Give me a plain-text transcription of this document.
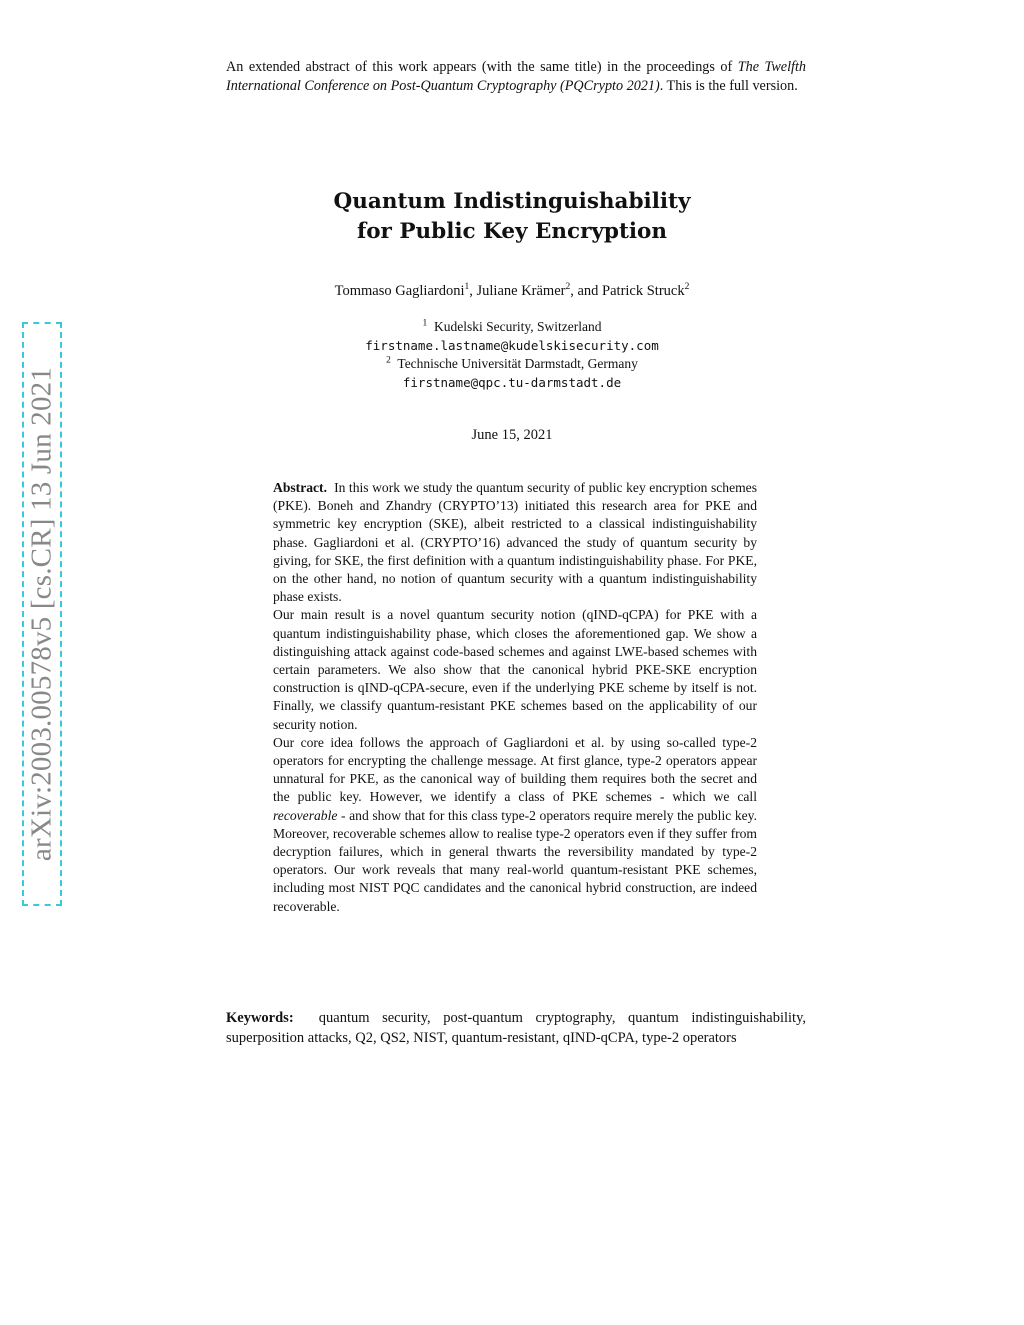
An extended abstract of this work appears (with the same title) in the proceedings of The Twelfth International Conference on Post-Quantum Cryptography (PQCrypto 2021). This is the full version.
Quantum Indistinguishability
for Public Key Encryption
Tommaso Gagliardoni$^1$, Juliane Krämer$^2$, and Patrick Struck$^2$
$^1$ Kudelski Security, Switzerland
firstname.lastname@kudelskisecurity.com
$^2$ Technische Universität Darmstadt, Germany
firstname@qpc.tu-darmstadt.de
June 15, 2021

Abstract. In this work we study the quantum security of public key encryption schemes (PKE). Boneh and Zhandry (CRYPTO’13) initiated this research area for PKE and symmetric key encryption (SKE), albeit restricted to a classical indistinguishability phase. Gagliardoni et al. (CRYPTO’16) advanced the study of quantum security by giving, for SKE, the first definition with a quantum indistinguishability phase. For PKE, on the other hand, no notion of quantum security with a quantum indistinguishability phase exists.

Our main result is a novel quantum security notion (qIND-qCPA) for PKE with a quantum indistinguishability phase, which closes the aforementioned gap. We show a distinguishing attack against code-based schemes and against LWE-based schemes with certain parameters. We also show that the canonical hybrid PKE-SKE encryption construction is qIND-qCPA-secure, even if the underlying PKE scheme by itself is not. Finally, we classify quantum-resistant PKE schemes based on the applicability of our security notion.

Our core idea follows the approach of Gagliardoni et al. by using so-called type-2 operators for encrypting the challenge message. At first glance, type-2 operators appear unnatural for PKE, as the canonical way of building them requires both the secret and the public key. However, we identify a class of PKE schemes - which we call recoverable - and show that for this class type-2 operators require merely the public key. Moreover, recoverable schemes allow to realise type-2 operators even if they suffer from decryption failures, which in general thwarts the reversibility mandated by type-2 operators. Our work reveals that many real-world quantum-resistant PKE schemes, including most NIST PQC candidates and the canonical hybrid construction, are indeed recoverable.

Keywords: quantum security, post-quantum cryptography, quantum indistinguishability, superposition attacks, Q2, QS2, NIST, quantum-resistant, qIND-qCPA, type-2 operators
arXiv:2003.00578v5 [cs.CR] 13 Jun 2021
